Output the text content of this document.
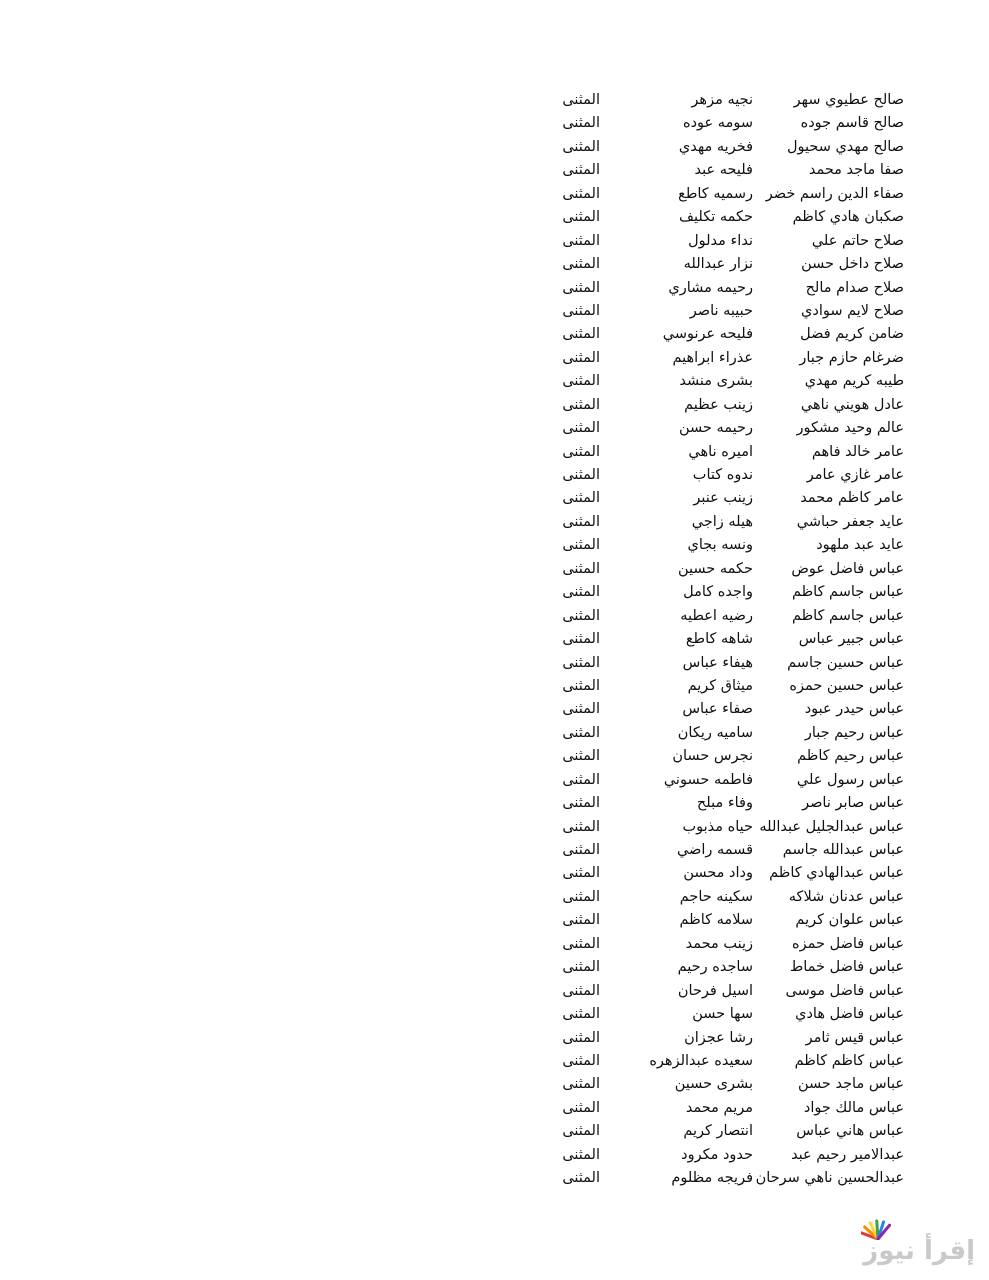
صالح عطيوي سهر
نجيه مزهر
المثنى
صالح قاسم جوده
سومه عوده
المثنى
صالح مهدي سحيول
فخريه مهدي
المثنى
صفا ماجد محمد
فليحه عبد
المثنى
صفاء الدين راسم خضر
رسميه كاطع
المثنى
صكبان هادي كاظم
حكمه تكليف
المثنى
صلاح حاتم علي
نداء مدلول
المثنى
صلاح داخل حسن
نزار عبدالله
المثنى
صلاح صدام مالح
رحيمه مشاري
المثنى
صلاح لايم سوادي
حبيبه ناصر
المثنى
ضامن كريم فضل
فليحه عرنوسي
المثنى
ضرغام حازم جبار
عذراء ابراهيم
المثنى
طيبه كريم مهدي
بشرى منشد
المثنى
عادل هويني ناهي
زينب عظيم
المثنى
عالم وحيد مشكور
رحيمه حسن
المثنى
عامر خالد فاهم
اميره ناهي
المثنى
عامر غازي عامر
ندوه كتاب
المثنى
عامر كاظم محمد
زينب عنبر
المثنى
عايد جعفر حباشي
هيله زاجي
المثنى
عايد عبد ملهود
ونسه بجاي
المثنى
عباس فاضل عوض
حكمه حسين
المثنى
عباس جاسم كاظم
واجده كامل
المثنى
عباس جاسم كاظم
رضيه اعطيه
المثنى
عباس جبير عباس
شاهه كاطع
المثنى
عباس حسين جاسم
هيفاء عباس
المثنى
عباس حسين حمزه
ميثاق كريم
المثنى
عباس حيدر عبود
صفاء عباس
المثنى
عباس رحيم جبار
ساميه ريكان
المثنى
عباس رحيم كاظم
نجرس حسان
المثنى
عباس رسول علي
فاطمه حسوني
المثنى
عباس صابر ناصر
وفاء مبلح
المثنى
عباس عبدالجليل عبدالله
حياه مذبوب
المثنى
عباس عبدالله جاسم
قسمه راضي
المثنى
عباس عبدالهادي كاظم
وداد محسن
المثنى
عباس عدنان شلاكه
سكينه حاجم
المثنى
عباس علوان كريم
سلامه كاظم
المثنى
عباس فاضل حمزه
زينب محمد
المثنى
عباس فاضل خماط
ساجده رحيم
المثنى
عباس فاضل موسى
اسيل فرحان
المثنى
عباس فاضل هادي
سها حسن
المثنى
عباس قيس ثامر
رشا عجزان
المثنى
عباس كاظم كاظم
سعيده عبدالزهره
المثنى
عباس ماجد حسن
بشرى حسين
المثنى
عباس مالك جواد
مريم محمد
المثنى
عباس هاني عباس
انتصار كريم
المثنى
عبدالامير رحيم عبد
حدود مكرود
المثنى
عبدالحسين ناهي سرحان
فريجه مظلوم
المثنى
إقرأ نيوز
